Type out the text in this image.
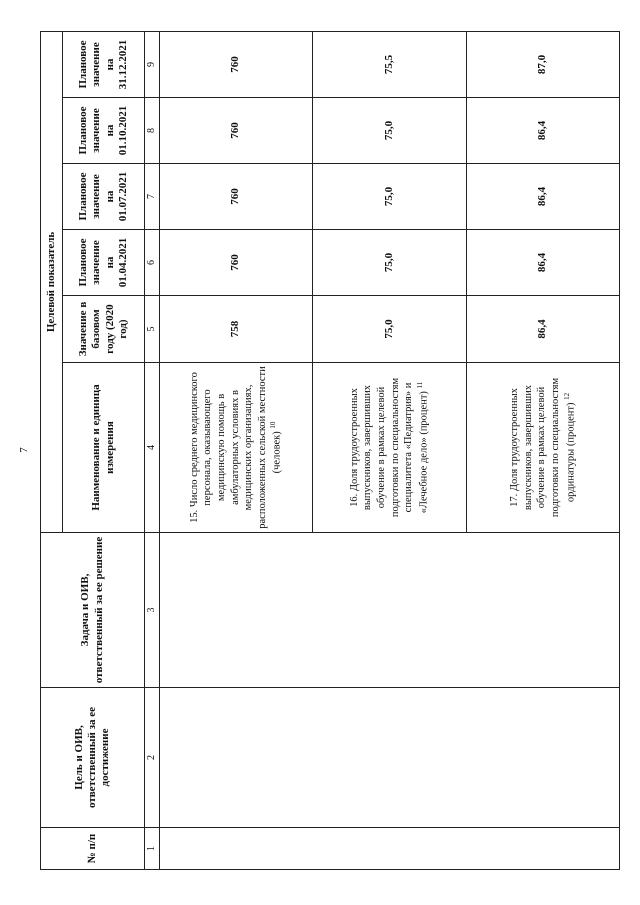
7
№ п/п	Цель и ОИВ, ответственный за ее достижение	Задача и ОИВ, ответственный за ее решение	Целевой показатель					
			Наименование и единица измерения	Значение в базовом году (2020 год)	Плановое значение на 01.04.2021	Плановое значение на 01.07.2021	Плановое значение на 01.10.2021	Плановое значение на 31.12.2021
1	2	3	4	5	6	7	8	9
			15. Число среднего медицинского персонала, оказывающего медицинскую помощь в амбулаторных условиях в медицинских организациях, расположенных сельской местности (человек) $^{10}$	758	760	760	760	760
			16. Доля трудоустроенных выпускников, завершивших обучение в рамках целевой подготовки по специальностям специалитета «Педиатрия» и «Лечебное дело» (процент) $^{11}$	75,0	75,0	75,0	75,0	75,5
			17. Доля трудоустроенных выпускников, завершивших обучение в рамках целевой подготовки по специальностям ординатуры (процент) $^{12}$	86,4	86,4	86,4	86,4	87,0
